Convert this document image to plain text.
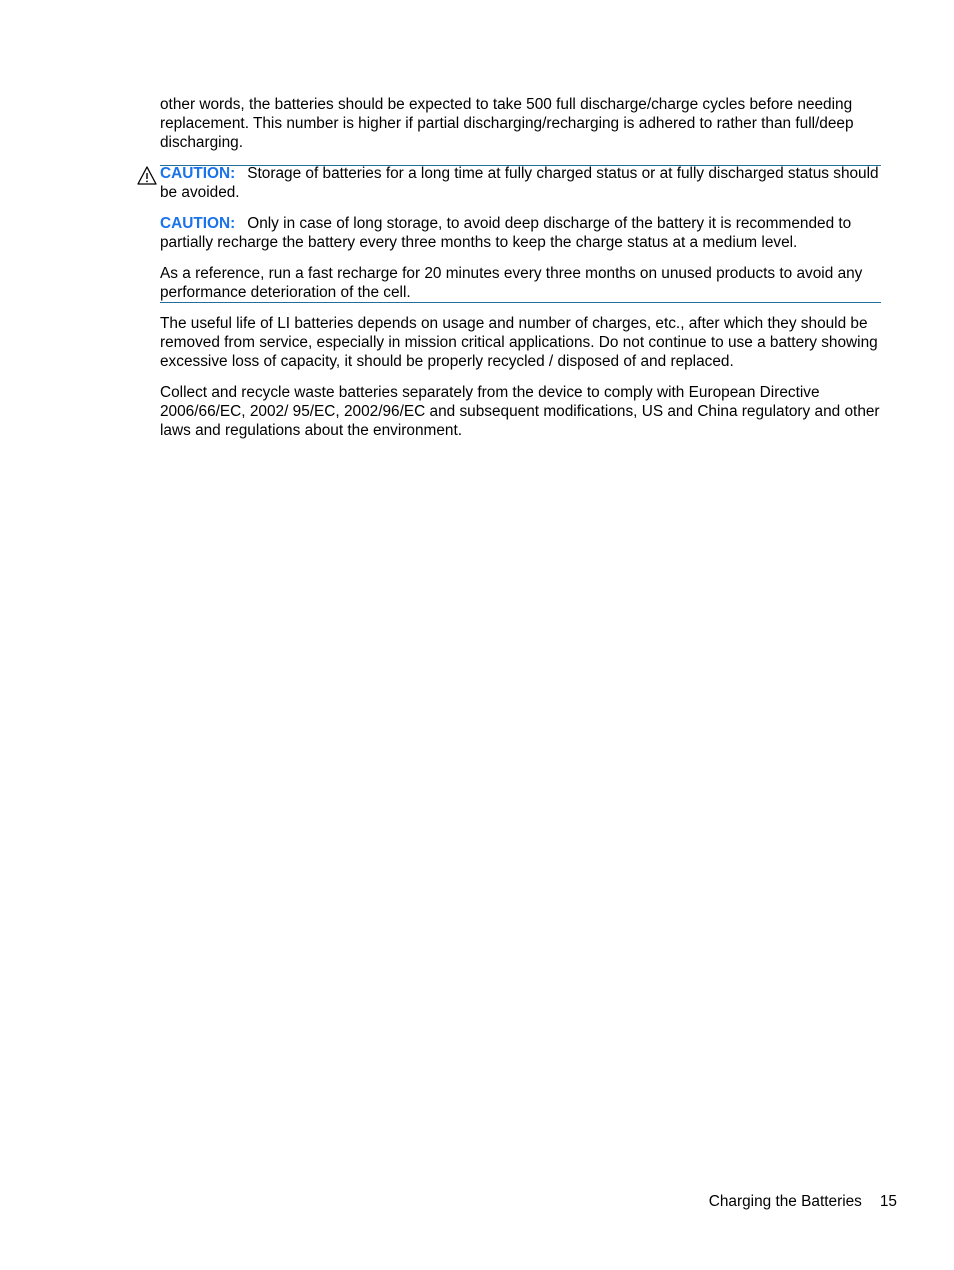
other words, the batteries should be expected to take 500 full discharge/charge cycles before needing replacement. This number is higher if partial discharging/recharging is adhered to rather than full/deep discharging.

CAUTION: Storage of batteries for a long time at fully charged status or at fully discharged status should be avoided.

CAUTION: Only in case of long storage, to avoid deep discharge of the battery it is recommended to partially recharge the battery every three months to keep the charge status at a medium level.

As a reference, run a fast recharge for 20 minutes every three months on unused products to avoid any performance deterioration of the cell.

The useful life of LI batteries depends on usage and number of charges, etc., after which they should be removed from service, especially in mission critical applications. Do not continue to use a battery showing excessive loss of capacity, it should be properly recycled / disposed of and replaced.

Collect and recycle waste batteries separately from the device to comply with European Directive 2006/66/EC, 2002/ 95/EC, 2002/96/EC and subsequent modifications, US and China regulatory and other laws and regulations about the environment.

Charging the Batteries 15
